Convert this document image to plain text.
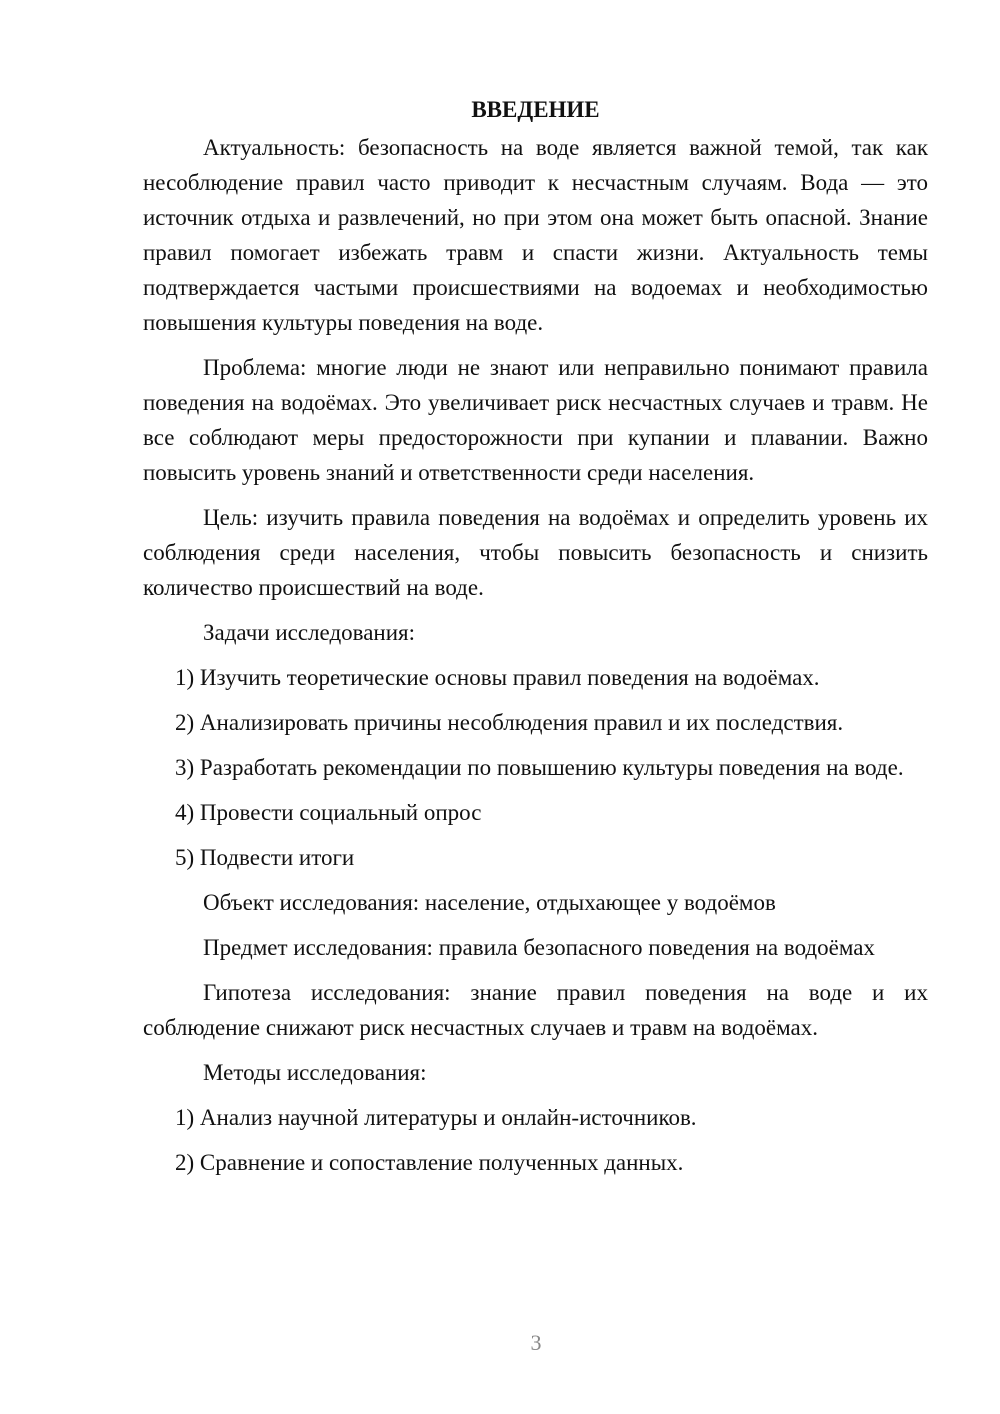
ВВЕДЕНИЕ

Актуальность: безопасность на воде является важной темой, так как несоблюдение правил часто приводит к несчастным случаям. Вода — это источник отдыха и развлечений, но при этом она может быть опасной. Знание правил помогает избежать травм и спасти жизни. Актуальность темы подтверждается частыми происшествиями на водоемах и необходимостью повышения культуры поведения на воде.

Проблема: многие люди не знают или неправильно понимают правила поведения на водоёмах. Это увеличивает риск несчастных случаев и травм. Не все соблюдают меры предосторожности при купании и плавании. Важно повысить уровень знаний и ответственности среди населения.

Цель: изучить правила поведения на водоёмах и определить уровень их соблюдения среди населения, чтобы повысить безопасность и снизить количество происшествий на воде.

Задачи исследования:

1) Изучить теоретические основы правил поведения на водоёмах.

2) Анализировать причины несоблюдения правил и их последствия.

3) Разработать рекомендации по повышению культуры поведения на воде.

4) Провести социальный опрос

5) Подвести итоги

Объект исследования: население, отдыхающее у водоёмов

Предмет исследования: правила безопасного поведения на водоёмах

Гипотеза исследования: знание правил поведения на воде и их соблюдение снижают риск несчастных случаев и травм на водоёмах.

Методы исследования:

1) Анализ научной литературы и онлайн-источников.

2) Сравнение и сопоставление полученных данных.

3
